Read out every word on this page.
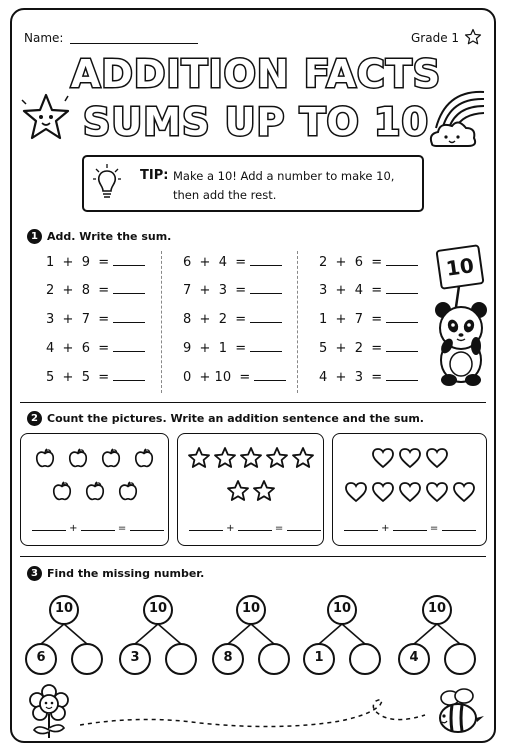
Name:	Grade 1
ADDITION FACTS
SUMS UP TO 10
TIP: Make a 10! Add a number to make 10,
then add the rest.
1 Add. Write the sum.
1  +  9  =
2  +  8  =
3  +  7  =
4  +  6  =
5  +  5  =
6  +  4  =
7  +  3  =
8  +  2  =
9  +  1  =
0  + 10  =
2  +  6  =
3  +  4  =
1  +  7  =
5  +  2  =
4  +  3  =
10
2 Count the pictures. Write an addition sentence and the sum.
+	=	+	=	+	=
3 Find the missing number.
10
6
10
3
10
8
10
1
10
4
